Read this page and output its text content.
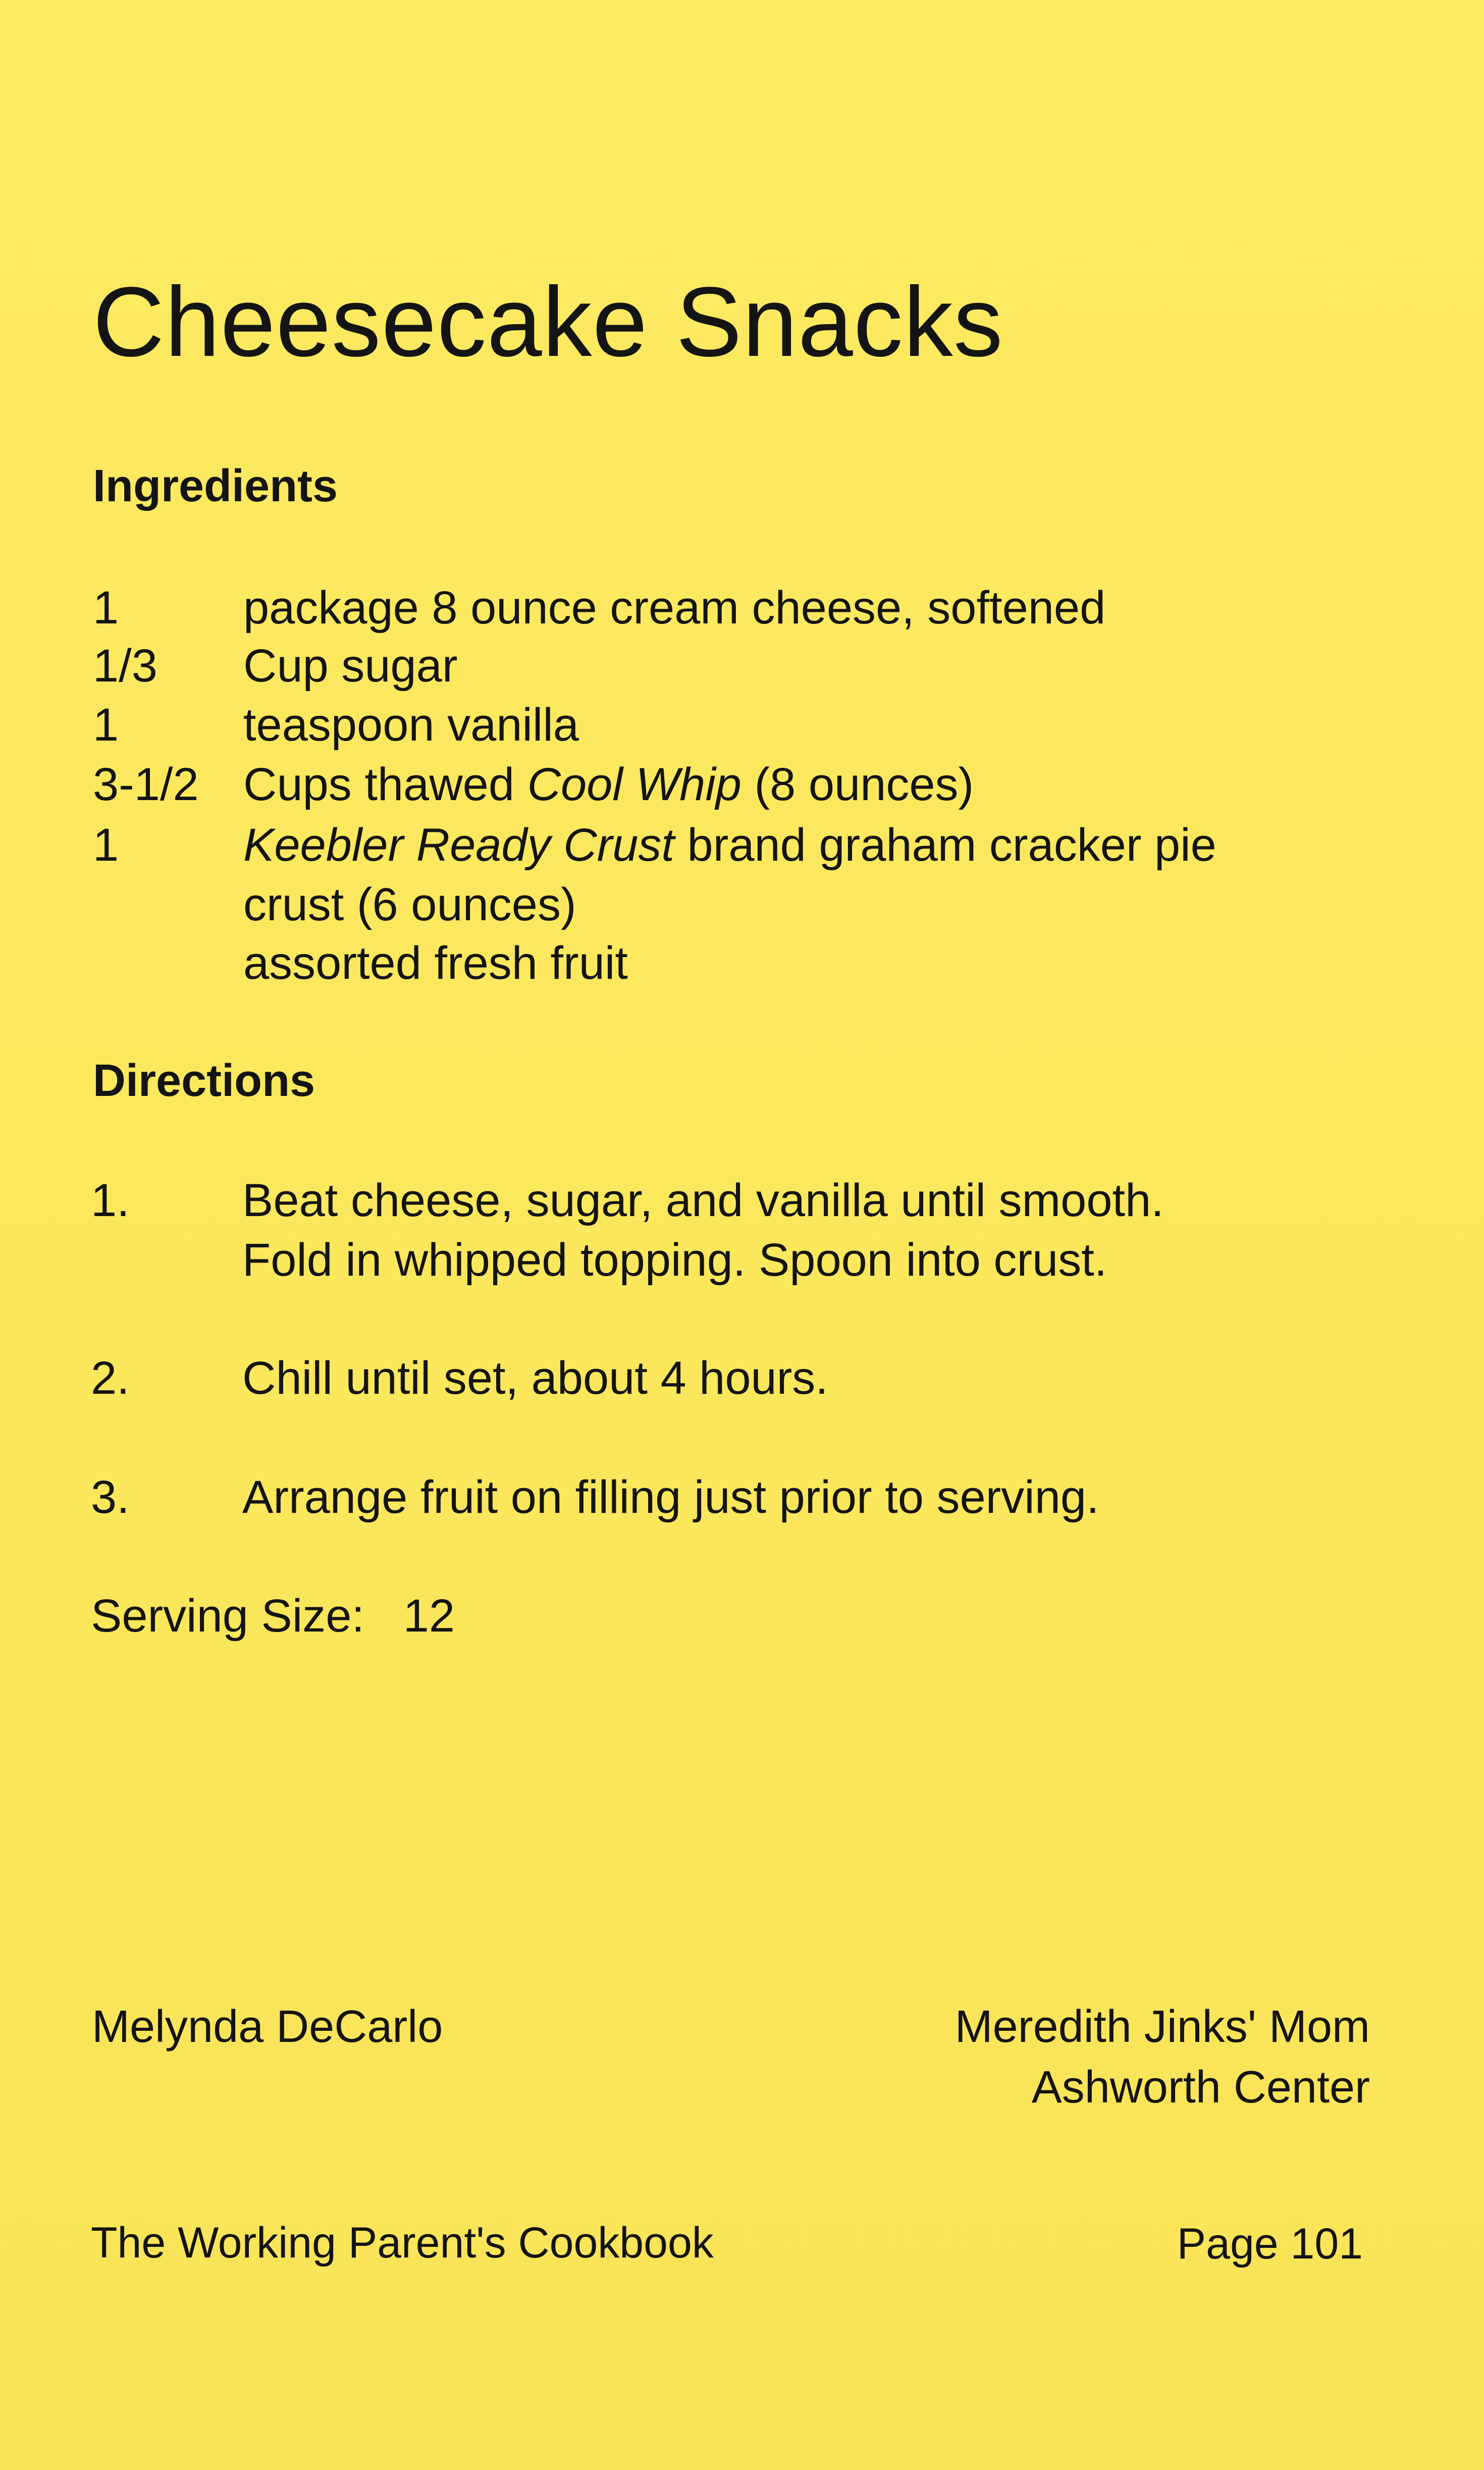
Cheesecake Snacks
Ingredients
1	package 8 ounce cream cheese, softened
1/3 Cup sugar
1	teaspoon vanilla
3-1/2 Cups thawed Cool Whip (8 ounces)
1	Keebler Ready Crust brand graham cracker pie
crust (6 ounces)
assorted fresh fruit
Directions
1. Beat cheese, sugar, and vanilla until smooth.
Fold in whipped topping. Spoon into crust.
2. Chill until set, about 4 hours.
3. Arrange fruit on filling just prior to serving.
Serving Size:   12
Melynda DeCarlo	Meredith Jinks' Mom
Ashworth Center
The Working Parent's Cookbook	Page 101
